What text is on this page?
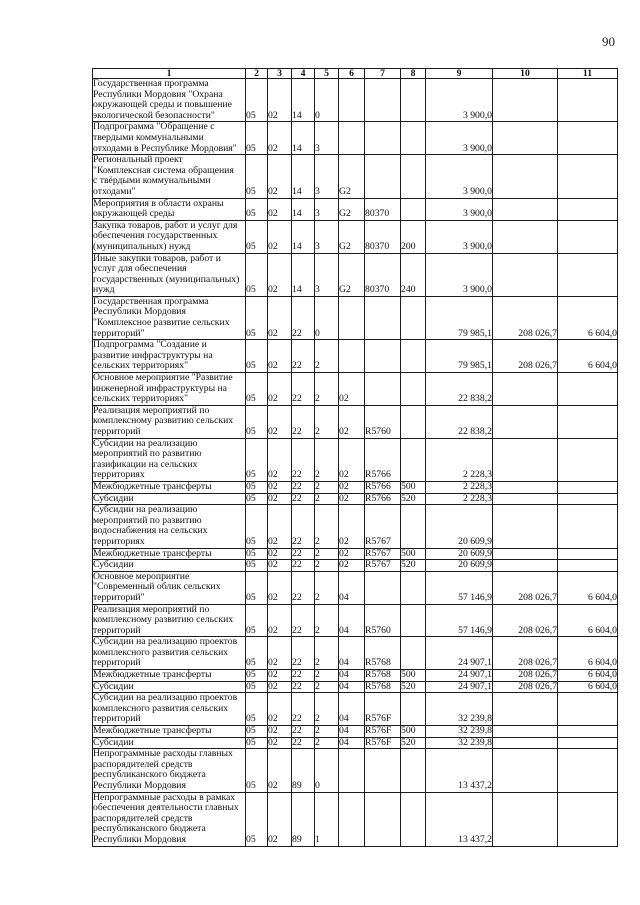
90
1	2	3	4	5	6	7	8	9	10	11
Государственная программа
Республики Мордовия "Охрана
окружающей среды и повышение
экологической безопасности"	05	02	14	0				3 900,0		
Подпрограмма "Обращение с
твердыми коммунальными
отходами в Республике Мордовия"	05	02	14	3				3 900,0		
Региональный проект
"Комплексная система обращения
с твёрдыми коммунальными
отходами"	05	02	14	3	G2			3 900,0		
Мероприятия в области охраны
окружающей среды	05	02	14	3	G2	80370		3 900,0		
Закупка товаров, работ и услуг для
обеспечения государственных
(муниципальных) нужд	05	02	14	3	G2	80370	200	3 900,0		
Иные закупки товаров, работ и
услуг для обеспечения
государственных (муниципальных)
нужд	05	02	14	3	G2	80370	240	3 900,0		
Государственная программа
Республики Мордовия
"Комплексное развитие сельских
территорий"	05	02	22	0				79 985,1	208 026,7	6 604,0
Подпрограмма "Создание и
развитие инфраструктуры на
сельских территориях"	05	02	22	2				79 985,1	208 026,7	6 604,0
Основное мероприятие "Развитие
инженерной инфраструктуры на
сельских территориях"	05	02	22	2	02			22 838,2		
Реализация мероприятий по
комплексному развитию сельских
территорий	05	02	22	2	02	R5760		22 838,2		
Субсидии на реализацию
мероприятий по развитию
газификации на сельских
территориях	05	02	22	2	02	R5766		2 228,3		
Межбюджетные трансферты	05	02	22	2	02	R5766	500	2 228,3		
Субсидии	05	02	22	2	02	R5766	520	2 228,3		
Субсидии на реализацию
мероприятий по развитию
водоснабжения на сельских
территориях	05	02	22	2	02	R5767		20 609,9		
Межбюджетные трансферты	05	02	22	2	02	R5767	500	20 609,9		
Субсидии	05	02	22	2	02	R5767	520	20 609,9		
Основное мероприятие
"Современный облик сельских
территорий"	05	02	22	2	04			57 146,9	208 026,7	6 604,0
Реализация мероприятий по
комплексному развитию сельских
территорий	05	02	22	2	04	R5760		57 146,9	208 026,7	6 604,0
Субсидии на реализацию проектов
комплексного развития сельских
территорий	05	02	22	2	04	R5768		24 907,1	208 026,7	6 604,0
Межбюджетные трансферты	05	02	22	2	04	R5768	500	24 907,1	208 026,7	6 604,0
Субсидии	05	02	22	2	04	R5768	520	24 907,1	208 026,7	6 604,0
Субсидии на реализацию проектов
комплексного развития сельских
территорий	05	02	22	2	04	R576F		32 239,8		
Межбюджетные трансферты	05	02	22	2	04	R576F	500	32 239,8		
Субсидии	05	02	22	2	04	R576F	520	32 239,8		
Непрограммные расходы главных
распорядителей средств
республиканского бюджета
Республики Мордовия	05	02	89	0				13 437,2		
Непрограммные расходы в рамках
обеспечения деятельности главных
распорядителей средств
республиканского бюджета
Республики Мордовия	05	02	89	1				13 437,2		
